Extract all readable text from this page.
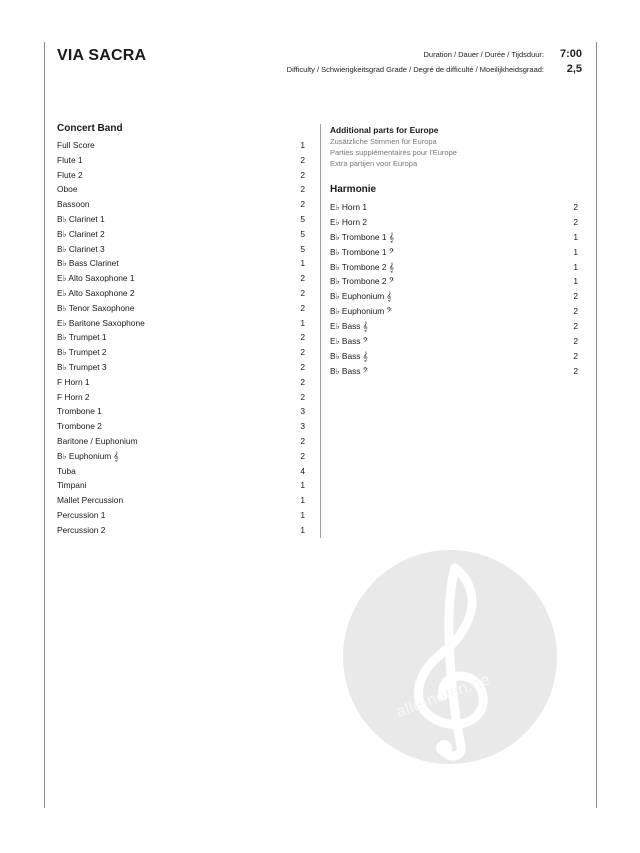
VIA SACRA	Duration / Dauer / Durée / Tijdsduur: 7:00
Difficulty / Schwierigkeitsgrad Grade / Degré de difficulté / Moeilijkheidsgraad:	2,5
Concert Band
Full Score	1
Flute 1	2
Flute 2	2
Oboe	2
Bassoon	2
B♭ Clarinet 1	5
B♭ Clarinet 2	5
B♭ Clarinet 3	5
B♭ Bass Clarinet	1
E♭ Alto Saxophone 1	2
E♭ Alto Saxophone 2	2
B♭ Tenor Saxophone	2
E♭ Baritone Saxophone	1
B♭ Trumpet 1	2
B♭ Trumpet 2	2
B♭ Trumpet 3	2
F Horn 1	2
F Horn 2	2
Trombone 1	3
Trombone 2	3
Baritone / Euphonium	2
B♭ Euphonium 𝄞	2
Tuba	4
Timpani	1
Mallet Percussion	1
Percussion 1	1
Percussion 2	1
Additional parts for Europe
Zusätzliche Stimmen für Europa
Parties supplémentaires pour l'Europe
Extra partijen voor Europa
Harmonie
E♭ Horn 1	2
E♭ Horn 2	2
B♭ Trombone 1 𝄞	1
B♭ Trombone 1 𝄢	1
B♭ Trombone 2 𝄞	1
B♭ Trombone 2 𝄢	1
B♭ Euphonium 𝄞	2
B♭ Euphonium 𝄢	2
E♭ Bass 𝄞	2
E♭ Bass 𝄢	2
B♭ Bass 𝄞	2
B♭ Bass 𝄢	2
alle-noten.de
